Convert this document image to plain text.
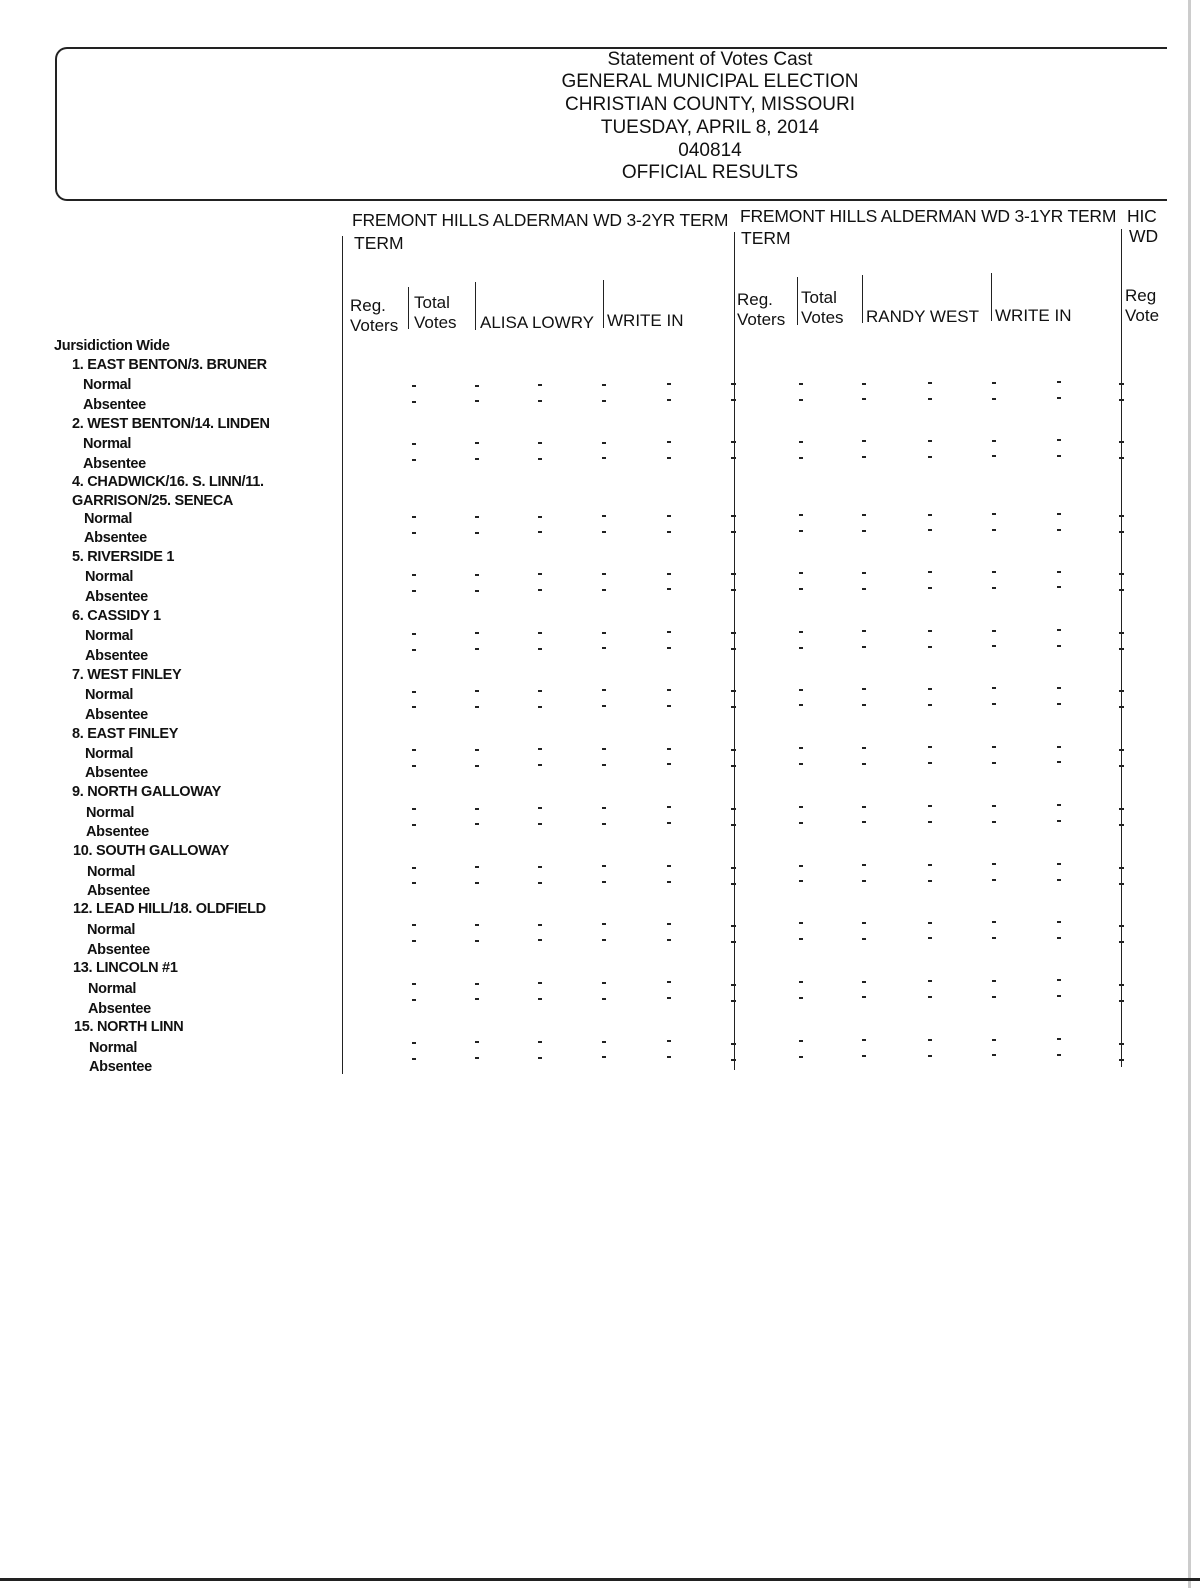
Statement of Votes Cast
GENERAL MUNICIPAL ELECTION
CHRISTIAN COUNTY, MISSOURI
TUESDAY, APRIL 8, 2014
040814
OFFICIAL RESULTS
FREMONT HILLS ALDERMAN WD 3-2YR TERM FREMONT HILLS ALDERMAN WD 3-1YR TERM HIC
TERM	TERM	WD
Reg.
Voters
Total
Votes ALISA LOWRY WRITE IN
Reg.
Voters
Total
Votes RANDY WEST WRITE IN
Reg
Vote
Jursidiction Wide
1. EAST BENTON/3. BRUNER
Normal
Absentee
2. WEST BENTON/14. LINDEN
Normal
Absentee
4. CHADWICK/16. S. LINN/11.
GARRISON/25. SENECA
Normal
Absentee
5. RIVERSIDE 1
Normal
Absentee
6. CASSIDY 1
Normal
Absentee
7. WEST FINLEY
Normal
Absentee
8. EAST FINLEY
Normal
Absentee
9. NORTH GALLOWAY
Normal
Absentee
10. SOUTH GALLOWAY
Normal
Absentee
12. LEAD HILL/18. OLDFIELD
Normal
Absentee
13. LINCOLN #1
Normal
Absentee
15. NORTH LINN
Normal
Absentee
